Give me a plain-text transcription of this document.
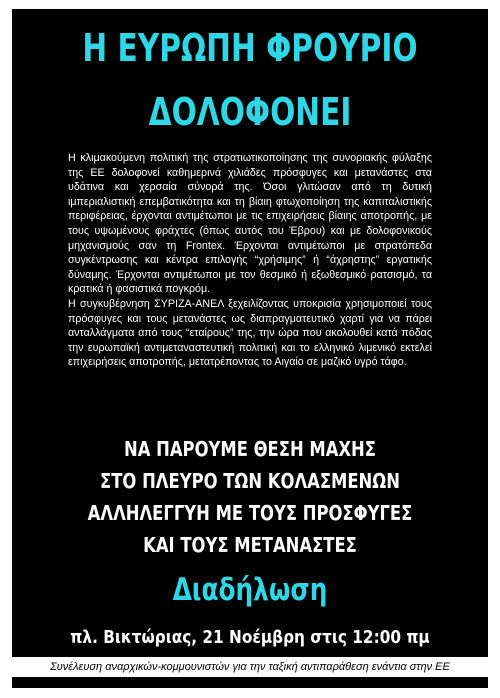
Η ΕΥΡΩΠΗ ΦΡΟΥΡΙΟ
ΔΟΛΟΦΟΝΕΙ

Η κλιμακούμενη πολιτική της στρατιωτικοποίησης της συνοριακής φύλαξης της ΕΕ δολοφονεί καθημερινά χιλιάδες πρόσφυγες και μετανάστες στα υδάτινα και χερσαία σύνορά της. Όσοι γλιτώσαν από τη δυτική ιμπεριαλιστική επεμβατικότητα και τη βίαιη φτωχοποίηση της καπιταλιστικής περιφέρειας, έρχονται αντιμέτωποι με τις επιχειρήσεις βίαιης αποτροπής, με τους υψωμένους φράχτες (όπως αυτός του Έβρου) και με δολοφονικούς μηχανισμούς σαν τη Frontex. Έρχονται αντιμέτωποι με στρατόπεδα συγκέντρωσης και κέντρα επιλογής “χρήσιμης” ή “άχρηστης” εργατικής δύναμης. Έρχονται αντιμέτωποι με τον θεσμικό ή εξωθεσμικό ρατσισμό, τα κρατικά ή φασιστικά πογκρόμ.

Η συγκυβέρνηση ΣΥΡΙΖΑ-ΑΝΕΛ ξεχειλίζοντας υποκρισία χρησιμοποιεί τους πρόσφυγες και τους μετανάστες ως διαπραγματευτικό χαρτί για να πάρει ανταλλάγματα από τους “εταίρους” της, την ώρα που ακολουθεί κατά πόδας την ευρωπαϊκή αντιμεταναστευτική πολιτική και το ελληνικό λιμενικό εκτελεί επιχειρήσεις αποτροπής, μετατρέποντας το Αιγαίο σε μαζικό υγρό τάφο.

ΝΑ ΠΑΡΟΥΜΕ ΘΕΣΗ ΜΑΧΗΣ
ΣΤΟ ΠΛΕΥΡΟ ΤΩΝ ΚΟΛΑΣΜΕΝΩΝ
ΑΛΛΗΛΕΓΓΥΗ ΜΕ ΤΟΥΣ ΠΡΟΣΦΥΓΕΣ
ΚΑΙ ΤΟΥΣ ΜΕΤΑΝΑΣΤΕΣ
Διαδήλωση
πλ. Βικτώριας, 21 Νοέμβρη στις 12:00 πμ
Συνέλευση αναρχικών-κομμουνιστών για την ταξική αντιπαράθεση ενάντια στην ΕΕ
